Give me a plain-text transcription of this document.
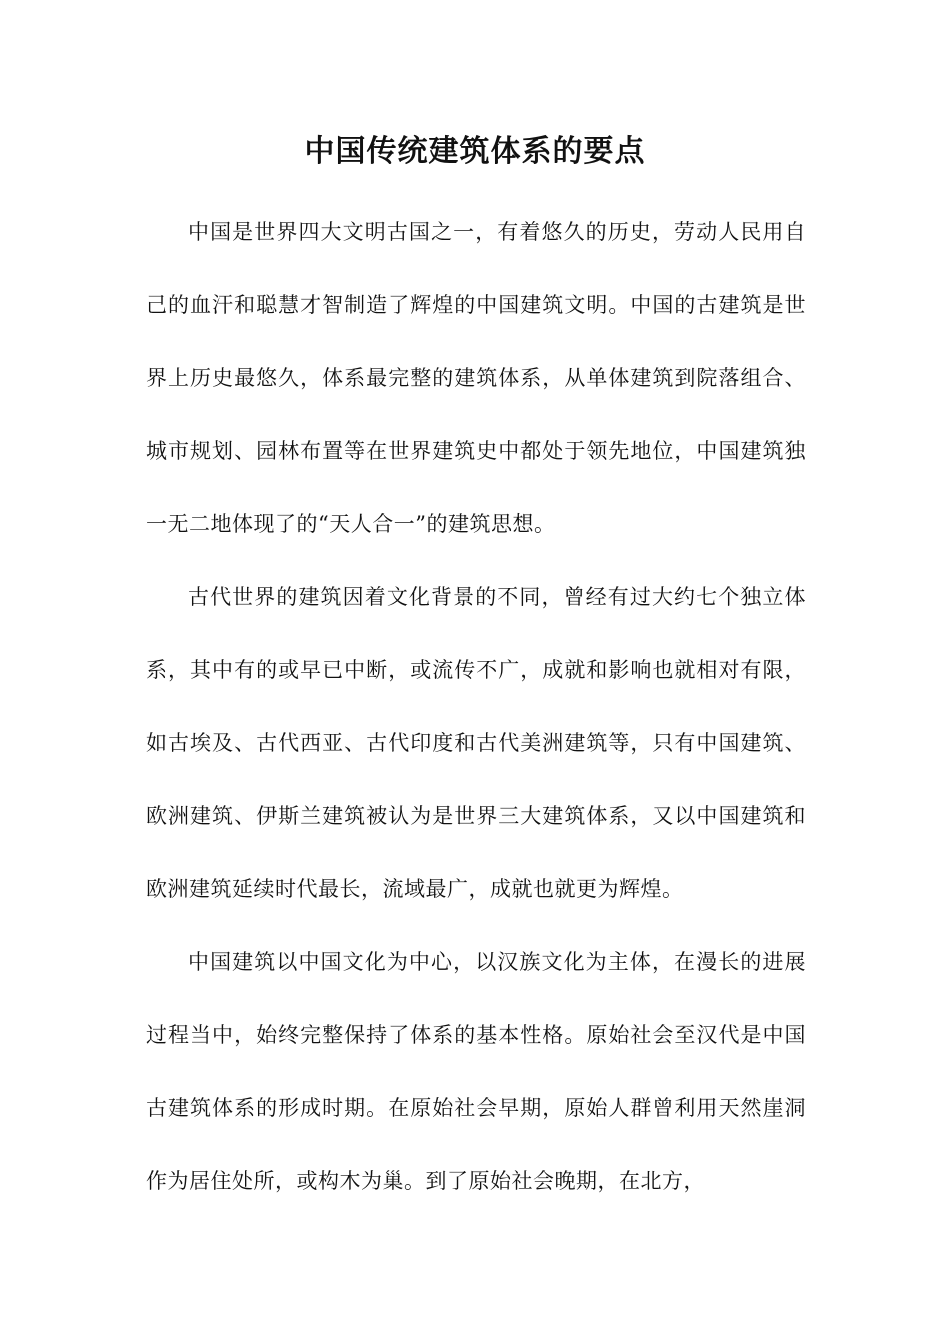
中国传统建筑体系的要点

中国是世界四大文明古国之一，有着悠久的历史，劳动人民用自己的血汗和聪慧才智制造了辉煌的中国建筑文明。中国的古建筑是世界上历史最悠久，体系最完整的建筑体系，从单体建筑到院落组合、城市规划、园林布置等在世界建筑史中都处于领先地位，中国建筑独一无二地体现了的“天人合一”的建筑思想。

古代世界的建筑因着文化背景的不同，曾经有过大约七个独立体系，其中有的或早已中断，或流传不广，成就和影响也就相对有限，如古埃及、古代西亚、古代印度和古代美洲建筑等，只有中国建筑、欧洲建筑、伊斯兰建筑被认为是世界三大建筑体系，又以中国建筑和欧洲建筑延续时代最长，流域最广，成就也就更为辉煌。

中国建筑以中国文化为中心，以汉族文化为主体，在漫长的进展过程当中，始终完整保持了体系的基本性格。原始社会至汉代是中国古建筑体系的形成时期。在原始社会早期，原始人群曾利用天然崖洞作为居住处所，或构木为巢。到了原始社会晚期，在北方，
